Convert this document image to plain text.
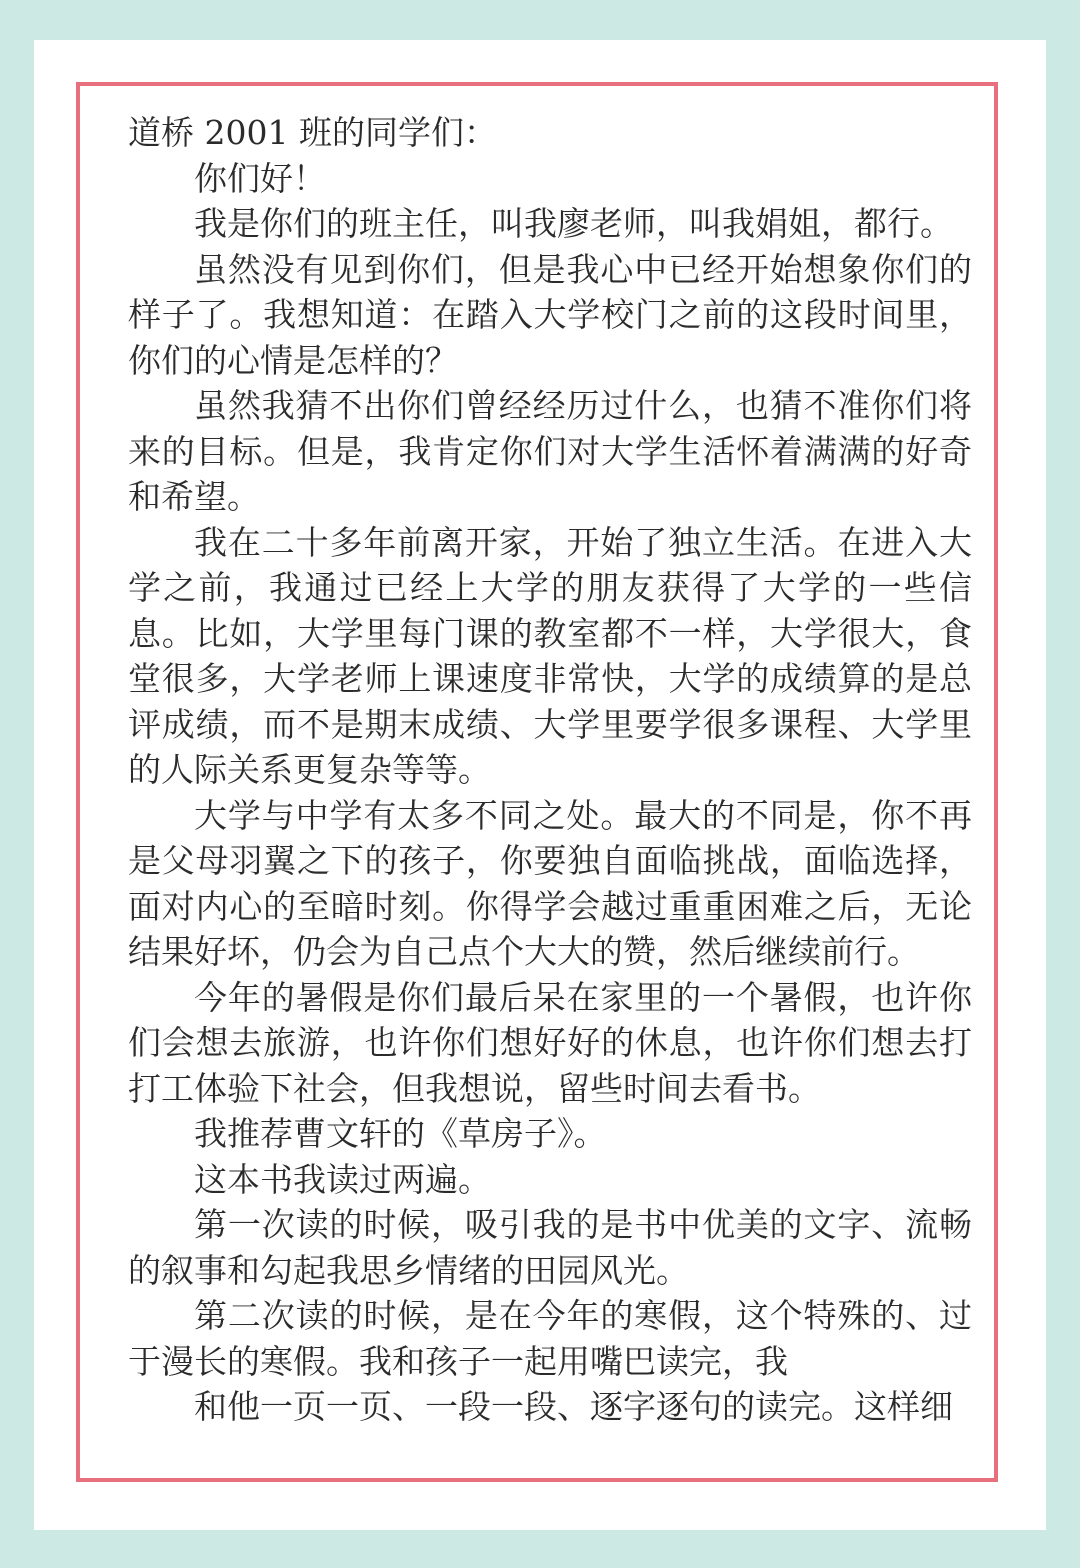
道桥 2001 班的同学们：

你们好！

我是你们的班主任，叫我廖老师，叫我娟姐，都行。

虽然没有见到你们，但是我心中已经开始想象你们的样子了。我想知道：在踏入大学校门之前的这段时间里，你们的心情是怎样的？

虽然我猜不出你们曾经经历过什么，也猜不准你们将来的目标。但是，我肯定你们对大学生活怀着满满的好奇和希望。

我在二十多年前离开家，开始了独立生活。在进入大学之前，我通过已经上大学的朋友获得了大学的一些信息。比如，大学里每门课的教室都不一样，大学很大，食堂很多，大学老师上课速度非常快，大学的成绩算的是总评成绩，而不是期末成绩、大学里要学很多课程、大学里的人际关系更复杂等等。

大学与中学有太多不同之处。最大的不同是，你不再是父母羽翼之下的孩子，你要独自面临挑战，面临选择，面对内心的至暗时刻。你得学会越过重重困难之后，无论结果好坏，仍会为自己点个大大的赞，然后继续前行。

今年的暑假是你们最后呆在家里的一个暑假，也许你们会想去旅游，也许你们想好好的休息，也许你们想去打打工体验下社会，但我想说，留些时间去看书。

我推荐曹文轩的《草房子》。

这本书我读过两遍。

第一次读的时候，吸引我的是书中优美的文字、流畅的叙事和勾起我思乡情绪的田园风光。

第二次读的时候，是在今年的寒假，这个特殊的、过于漫长的寒假。我和孩子一起用嘴巴读完，我

和他一页一页、一段一段、逐字逐句的读完。这样细
